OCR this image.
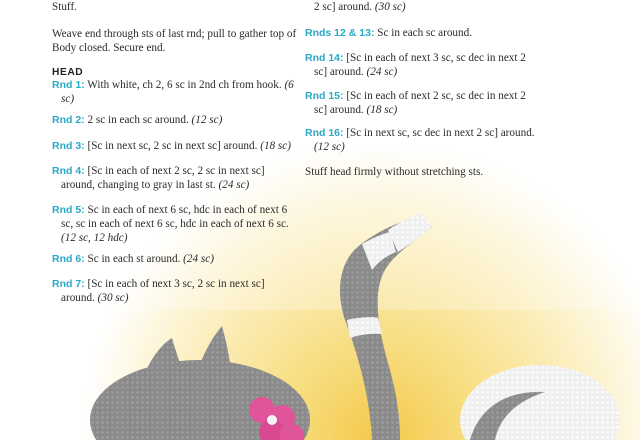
Stuff.

Weave end through sts of last rnd; pull to gather top of Body closed. Secure end.

HEAD

Rnd 1: With white, ch 2, 6 sc in 2nd ch from hook. (6 sc)

Rnd 2: 2 sc in each sc around. (12 sc)

Rnd 3: [Sc in next sc, 2 sc in next sc] around. (18 sc)

Rnd 4: [Sc in each of next 2 sc, 2 sc in next sc] around, changing to gray in last st. (24 sc)

Rnd 5: Sc in each of next 6 sc, hdc in each of next 6 sc, sc in each of next 6 sc, hdc in each of next 6 sc. (12 sc, 12 hdc)

Rnd 6: Sc in each st around. (24 sc)

Rnd 7: [Sc in each of next 3 sc, 2 sc in next sc] around. (30 sc)

2 sc] around. (30 sc)

Rnds 12 & 13: Sc in each sc around.

Rnd 14: [Sc in each of next 3 sc, sc dec in next 2 sc] around. (24 sc)

Rnd 15: [Sc in each of next 2 sc, sc dec in next 2 sc] around. (18 sc)

Rnd 16: [Sc in next sc, sc dec in next 2 sc] around. (12 sc)

Stuff head firmly without stretching sts.
